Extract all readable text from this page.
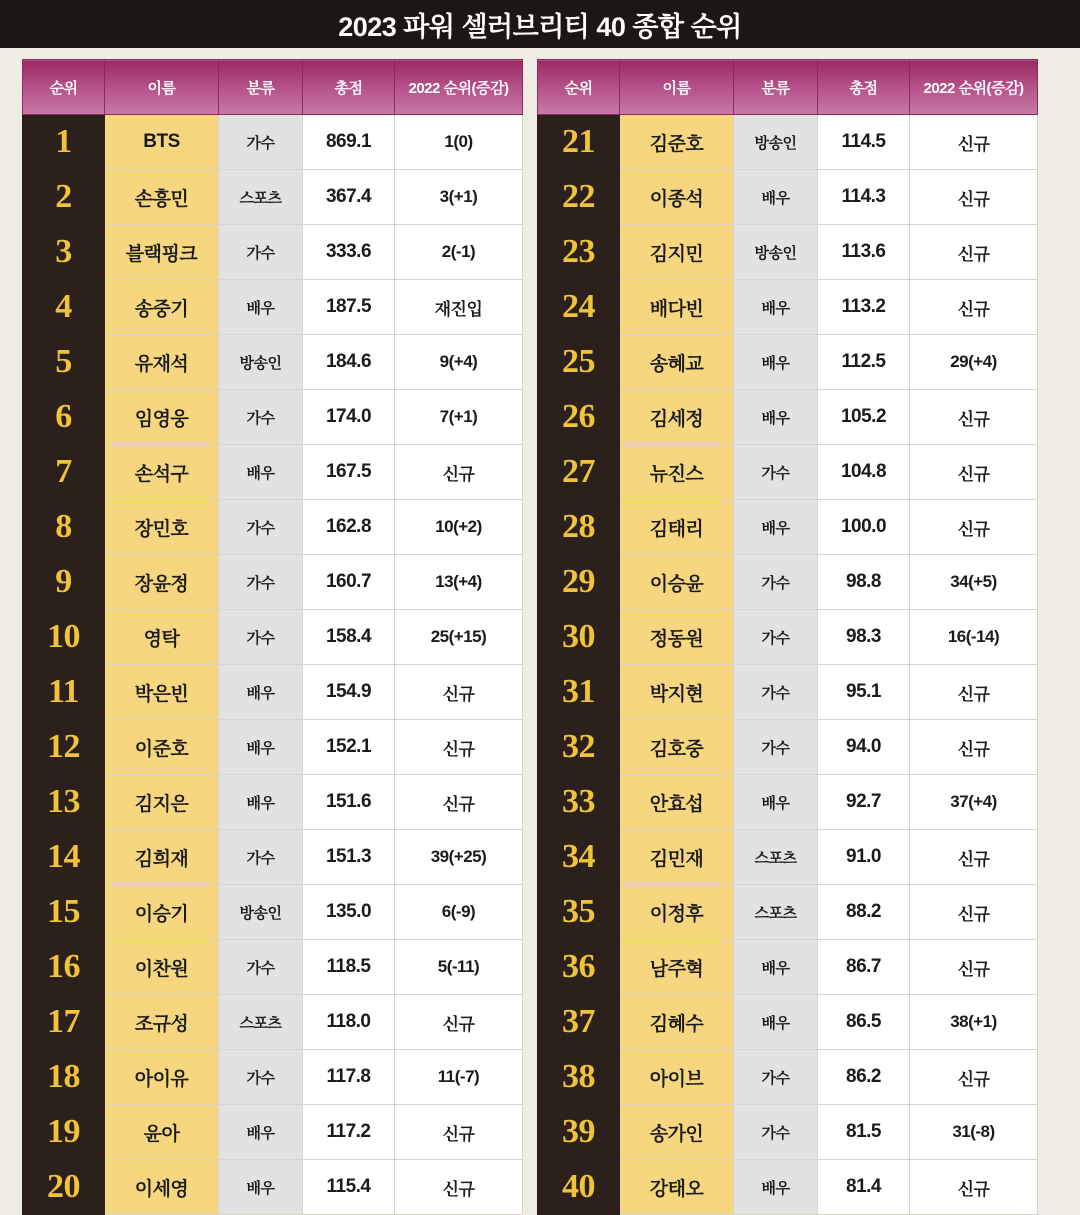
2023 파워 셀러브리티 40 종합 순위
순위	이름	분류	총점	2022 순위(증감)
1	BTS	가수	869.1	1(0)
2	손흥민	스포츠	367.4	3(+1)
3	블랙핑크	가수	333.6	2(-1)
4	송중기	배우	187.5	재진입
5	유재석	방송인	184.6	9(+4)
6	임영웅	가수	174.0	7(+1)
7	손석구	배우	167.5	신규
8	장민호	가수	162.8	10(+2)
9	장윤정	가수	160.7	13(+4)
10	영탁	가수	158.4	25(+15)
11	박은빈	배우	154.9	신규
12	이준호	배우	152.1	신규
13	김지은	배우	151.6	신규
14	김희재	가수	151.3	39(+25)
15	이승기	방송인	135.0	6(-9)
16	이찬원	가수	118.5	5(-11)
17	조규성	스포츠	118.0	신규
18	아이유	가수	117.8	11(-7)
19	윤아	배우	117.2	신규
20	이세영	배우	115.4	신규
순위	이름	분류	총점	2022 순위(증감)
21	김준호	방송인	114.5	신규
22	이종석	배우	114.3	신규
23	김지민	방송인	113.6	신규
24	배다빈	배우	113.2	신규
25	송혜교	배우	112.5	29(+4)
26	김세정	배우	105.2	신규
27	뉴진스	가수	104.8	신규
28	김태리	배우	100.0	신규
29	이승윤	가수	98.8	34(+5)
30	정동원	가수	98.3	16(-14)
31	박지현	가수	95.1	신규
32	김호중	가수	94.0	신규
33	안효섭	배우	92.7	37(+4)
34	김민재	스포츠	91.0	신규
35	이정후	스포츠	88.2	신규
36	남주혁	배우	86.7	신규
37	김혜수	배우	86.5	38(+1)
38	아이브	가수	86.2	신규
39	송가인	가수	81.5	31(-8)
40	강태오	배우	81.4	신규
